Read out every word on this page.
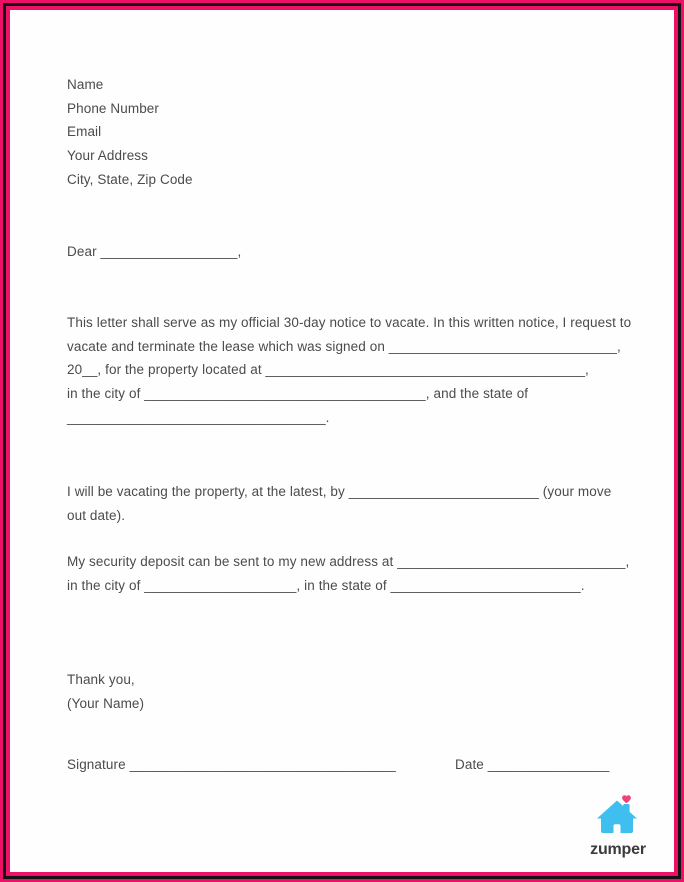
Name
Phone Number
Email
Your Address
City, State, Zip Code
Dear __________________,
This letter shall serve as my official 30-day notice to vacate. In this written notice, I request to
vacate and terminate the lease which was signed on ______________________________,
20__, for the property located at __________________________________________,
in the city of _____________________________________, and the state of
__________________________________.
I will be vacating the property, at the latest, by _________________________ (your move
out date).
My security deposit can be sent to my new address at ______________________________,
in the city of ____________________, in the state of _________________________.
Thank you,
(Your Name)
Signature ___________________________________	Date ________________
zumper
